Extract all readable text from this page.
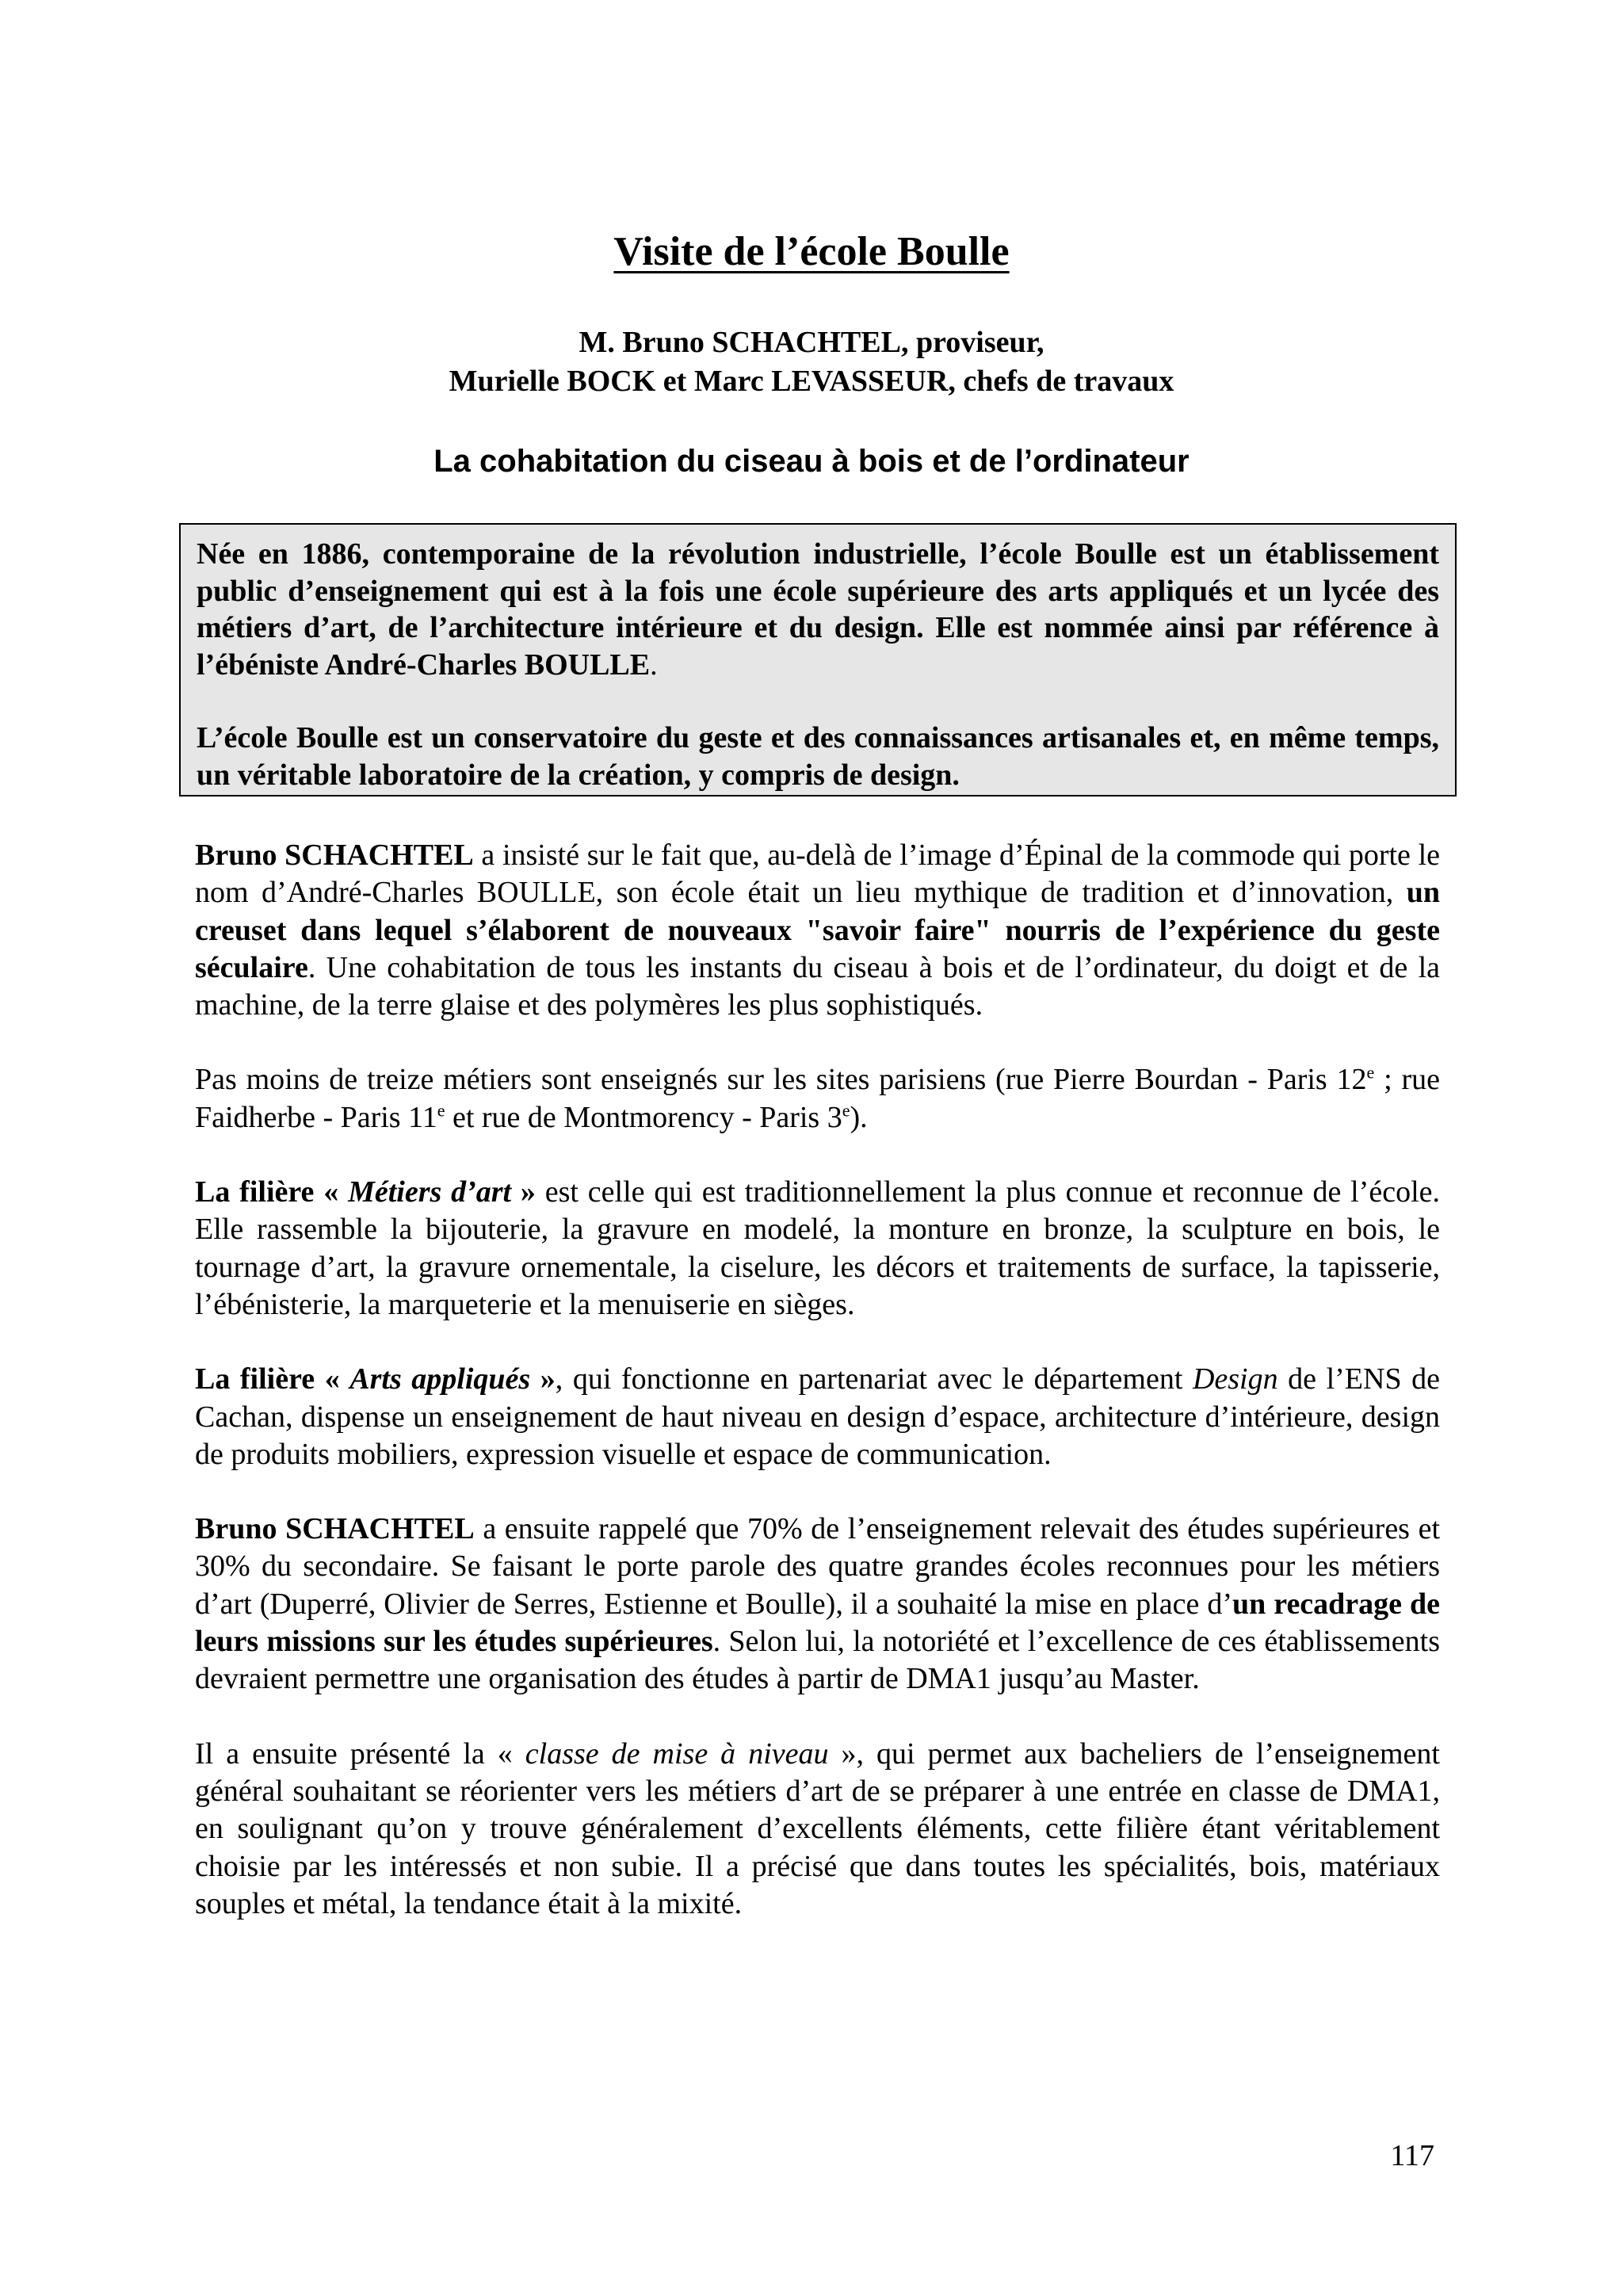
Visite de l’école Boulle
M. Bruno SCHACHTEL, proviseur,
Murielle BOCK et Marc LEVASSEUR, chefs de travaux
La cohabitation du ciseau à bois et de l’ordinateur

Née en 1886, contemporaine de la révolution industrielle, l’école Boulle est un établissement public d’enseignement qui est à la fois une école supérieure des arts appliqués et un lycée des métiers d’art, de l’architecture intérieure et du design. Elle est nommée ainsi par référence à l’ébéniste André-Charles BOULLE.

L’école Boulle est un conservatoire du geste et des connaissances artisanales et, en même temps, un véritable laboratoire de la création, y compris de design.

Bruno SCHACHTEL a insisté sur le fait que, au-delà de l’image d’Épinal de la commode qui porte le nom d’André-Charles BOULLE, son école était un lieu mythique de tradition et d’innovation, un creuset dans lequel s’élaborent de nouveaux "savoir faire" nourris de l’expérience du geste séculaire. Une cohabitation de tous les instants du ciseau à bois et de l’ordinateur, du doigt et de la machine, de la terre glaise et des polymères les plus sophistiqués.

Pas moins de treize métiers sont enseignés sur les sites parisiens (rue Pierre Bourdan - Paris 12e ; rue Faidherbe - Paris 11e et rue de Montmorency - Paris 3e).

La filière « Métiers d’art » est celle qui est traditionnellement la plus connue et reconnue de l’école. Elle rassemble la bijouterie, la gravure en modelé, la monture en bronze, la sculpture en bois, le tournage d’art, la gravure ornementale, la ciselure, les décors et traitements de surface, la tapisserie, l’ébénisterie, la marqueterie et la menuiserie en sièges.

La filière « Arts appliqués », qui fonctionne en partenariat avec le département Design de l’ENS de Cachan, dispense un enseignement de haut niveau en design d’espace, architecture d’intérieure, design de produits mobiliers, expression visuelle et espace de communication.

Bruno SCHACHTEL a ensuite rappelé que 70% de l’enseignement relevait des études supérieures et 30% du secondaire. Se faisant le porte parole des quatre grandes écoles reconnues pour les métiers d’art (Duperré, Olivier de Serres, Estienne et Boulle), il a souhaité la mise en place d’un recadrage de leurs missions sur les études supérieures. Selon lui, la notoriété et l’excellence de ces établissements devraient permettre une organisation des études à partir de DMA1 jusqu’au Master.

Il a ensuite présenté la « classe de mise à niveau », qui permet aux bacheliers de l’enseignement général souhaitant se réorienter vers les métiers d’art de se préparer à une entrée en classe de DMA1, en soulignant qu’on y trouve généralement d’excellents éléments, cette filière étant véritablement choisie par les intéressés et non subie. Il a précisé que dans toutes les spécialités, bois, matériaux souples et métal, la tendance était à la mixité.

117
